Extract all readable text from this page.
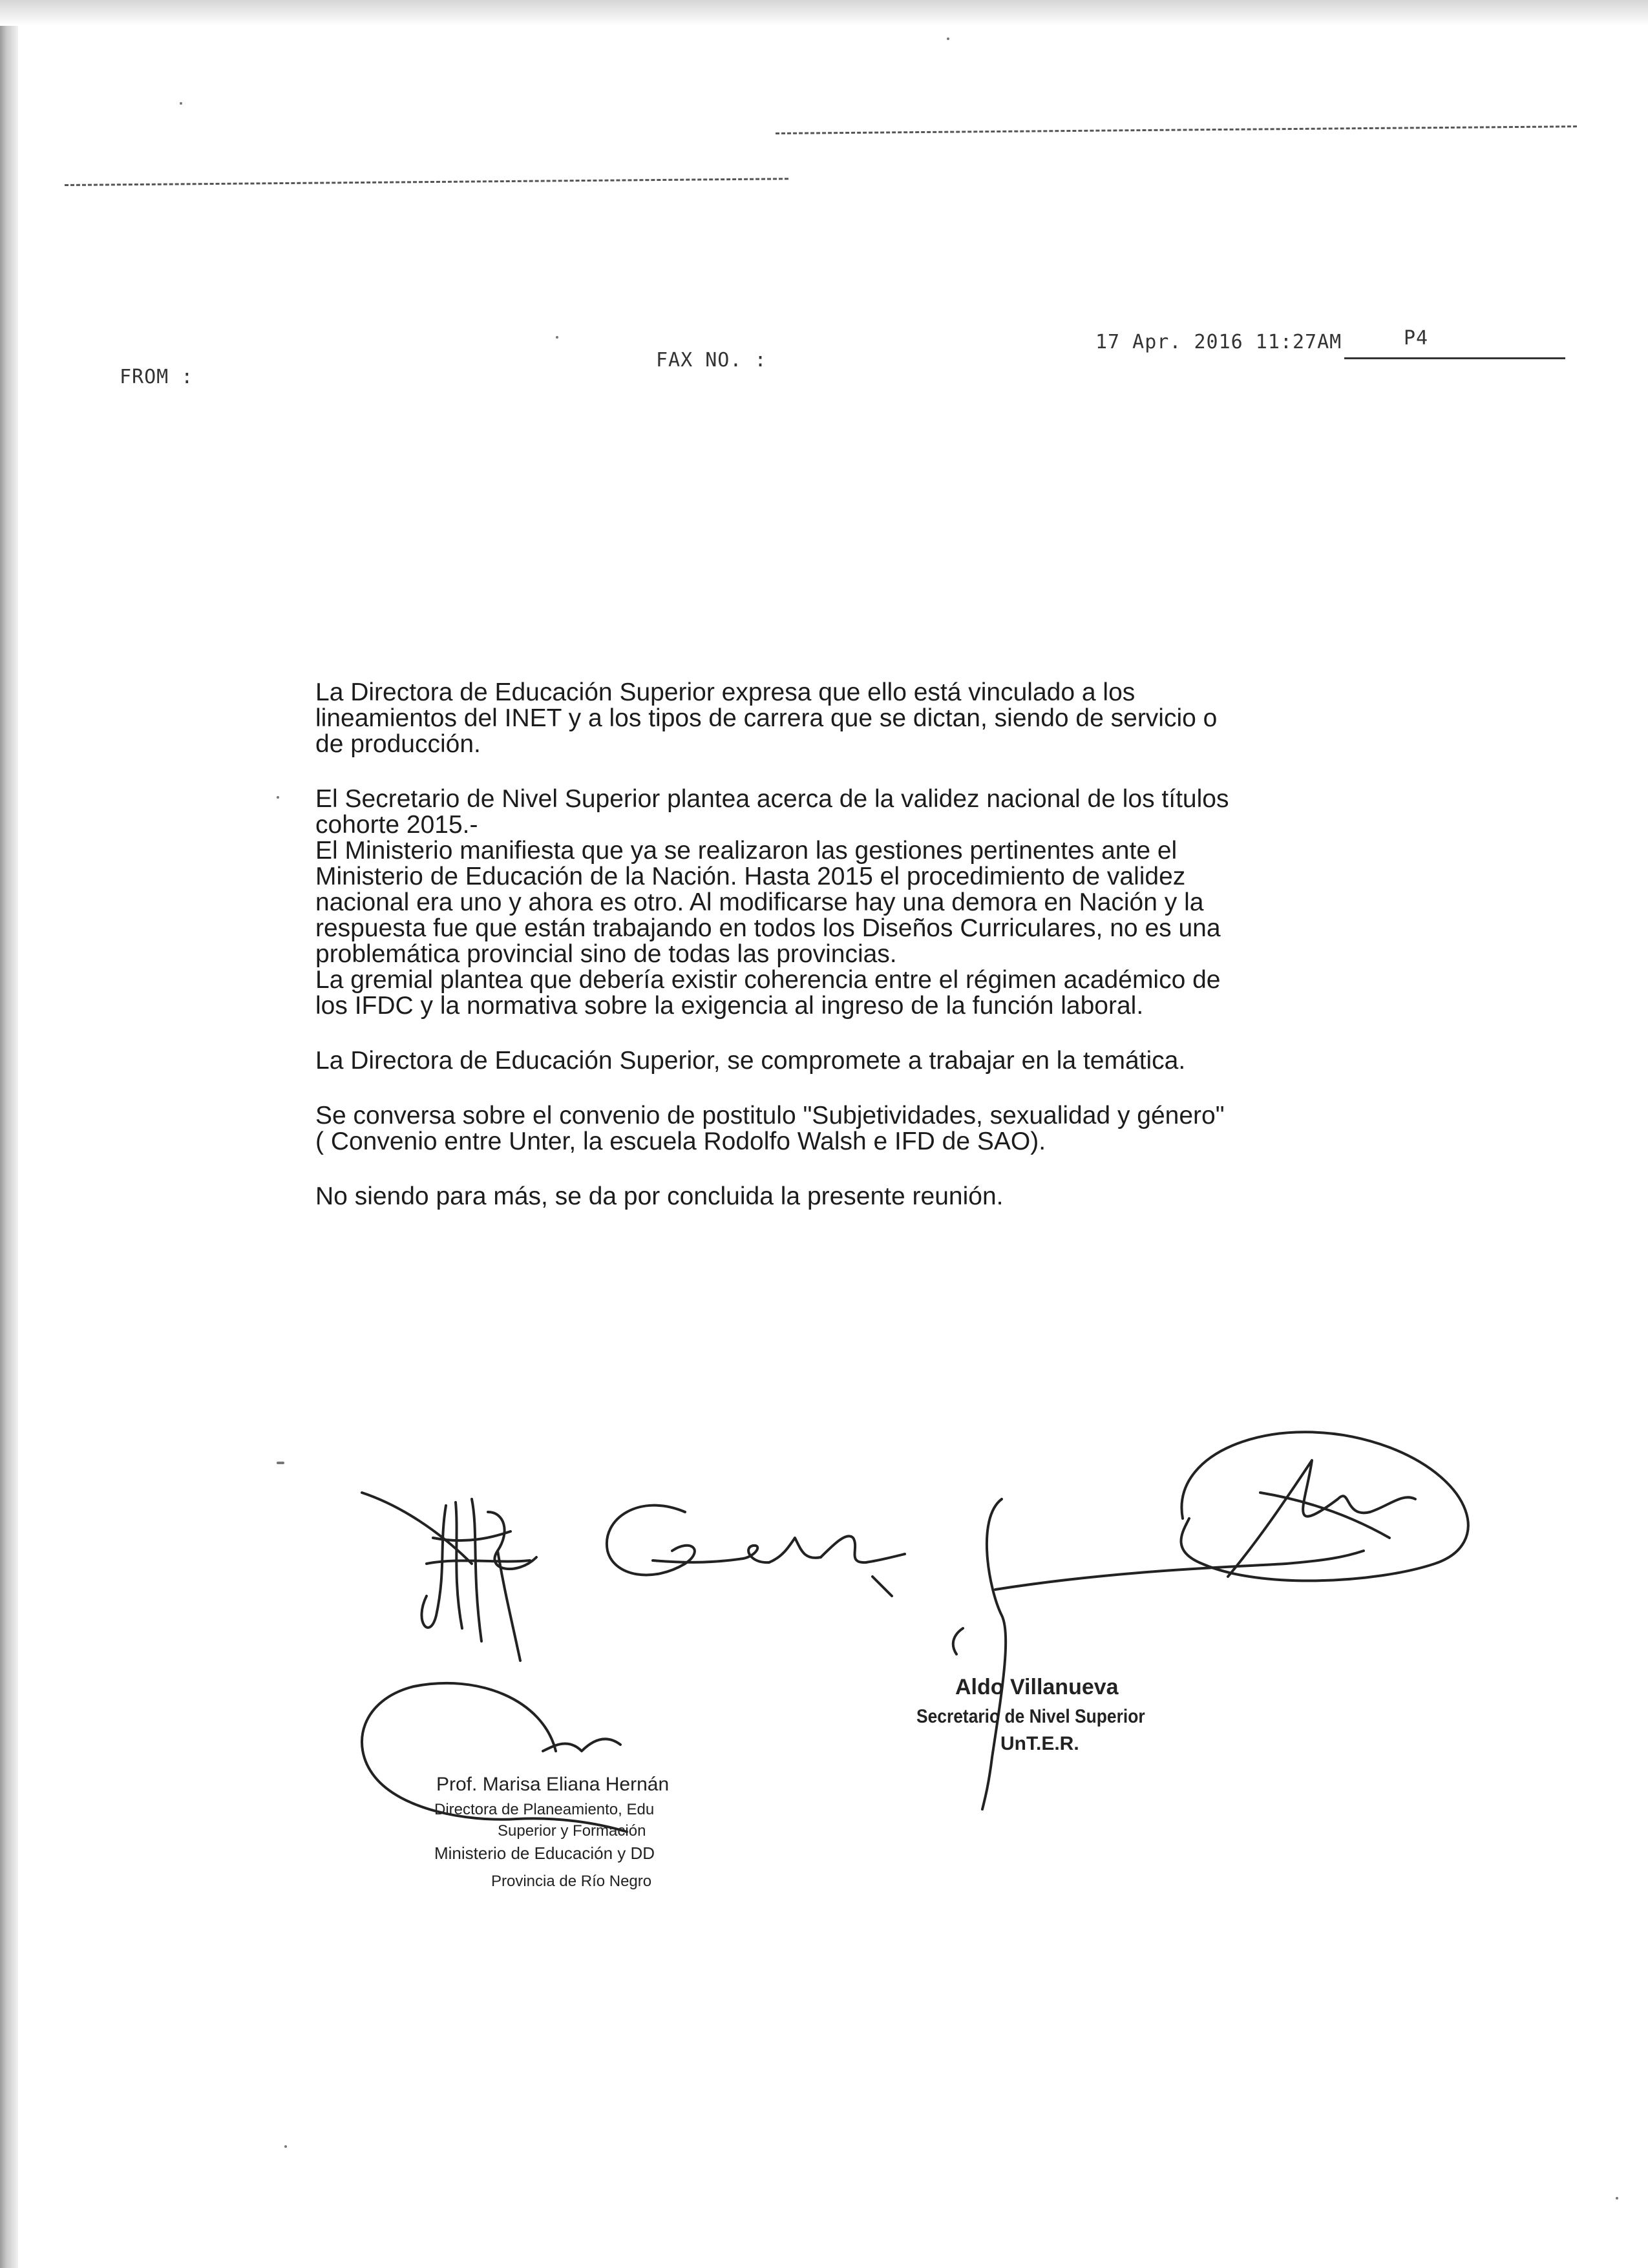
FROM :
FAX NO. :
17 Apr. 2016 11:27AM	P4

La Directora de Educación Superior expresa que ello está vinculado a los
lineamientos del INET y a los tipos de carrera que se dictan, siendo de servicio o
de producción.

El Secretario de Nivel Superior plantea acerca de la validez nacional de los títulos
cohorte 2015.-
El Ministerio manifiesta que ya se realizaron las gestiones pertinentes ante el
Ministerio de Educación de la Nación. Hasta 2015 el procedimiento de validez
nacional era uno y ahora es otro. Al modificarse hay una demora en Nación y la
respuesta fue que están trabajando en todos los Diseños Curriculares, no es una
problemática provincial sino de todas las provincias.
La gremial plantea que debería existir coherencia entre el régimen académico de
los IFDC y la normativa sobre la exigencia al ingreso de la función laboral.

La Directora de Educación Superior, se compromete a trabajar en la temática.

Se conversa sobre el convenio de postitulo "Subjetividades, sexualidad y género"
( Convenio entre Unter, la escuela Rodolfo Walsh e IFD de SAO).

No siendo para más, se da por concluida la presente reunión.

Prof. Marisa Eliana Hernán
Directora de Planeamiento, Edu
Superior y Formación
Ministerio de Educación y DD
Provincia de Río Negro
Aldo Villanueva
Secretario de Nivel Superior
UnT.E.R.
